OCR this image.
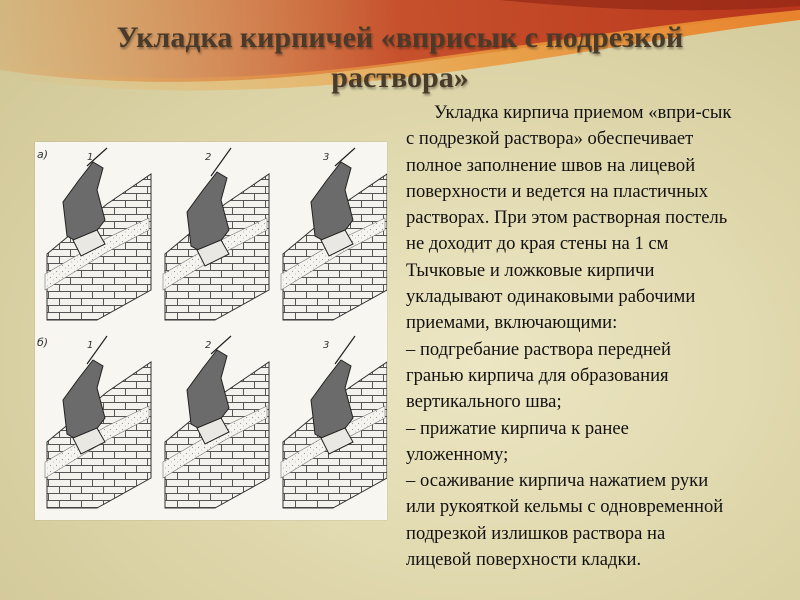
Укладка кирпичей «вприсык с подрезкой
раствора»
1	2	3
1	2	3
а)
б)
Укладка кирпича приемом «впри-сык
с подрезкой раствора» обеспечивает
полное заполнение швов на лицевой
поверхности и ведется на пластичных
растворах. При этом растворная постель
не доходит до края стены на 1 см
Тычковые и ложковые кирпичи
укладывают одинаковыми рабочими
приемами, включающими:
– подгребание раствора передней
гранью кирпича для образования
вертикального шва;
– прижатие кирпича к ранее
уложенному;
– осаживание кирпича нажатием руки
или рукояткой кельмы с одновременной
подрезкой излишков раствора на
лицевой поверхности кладки.
